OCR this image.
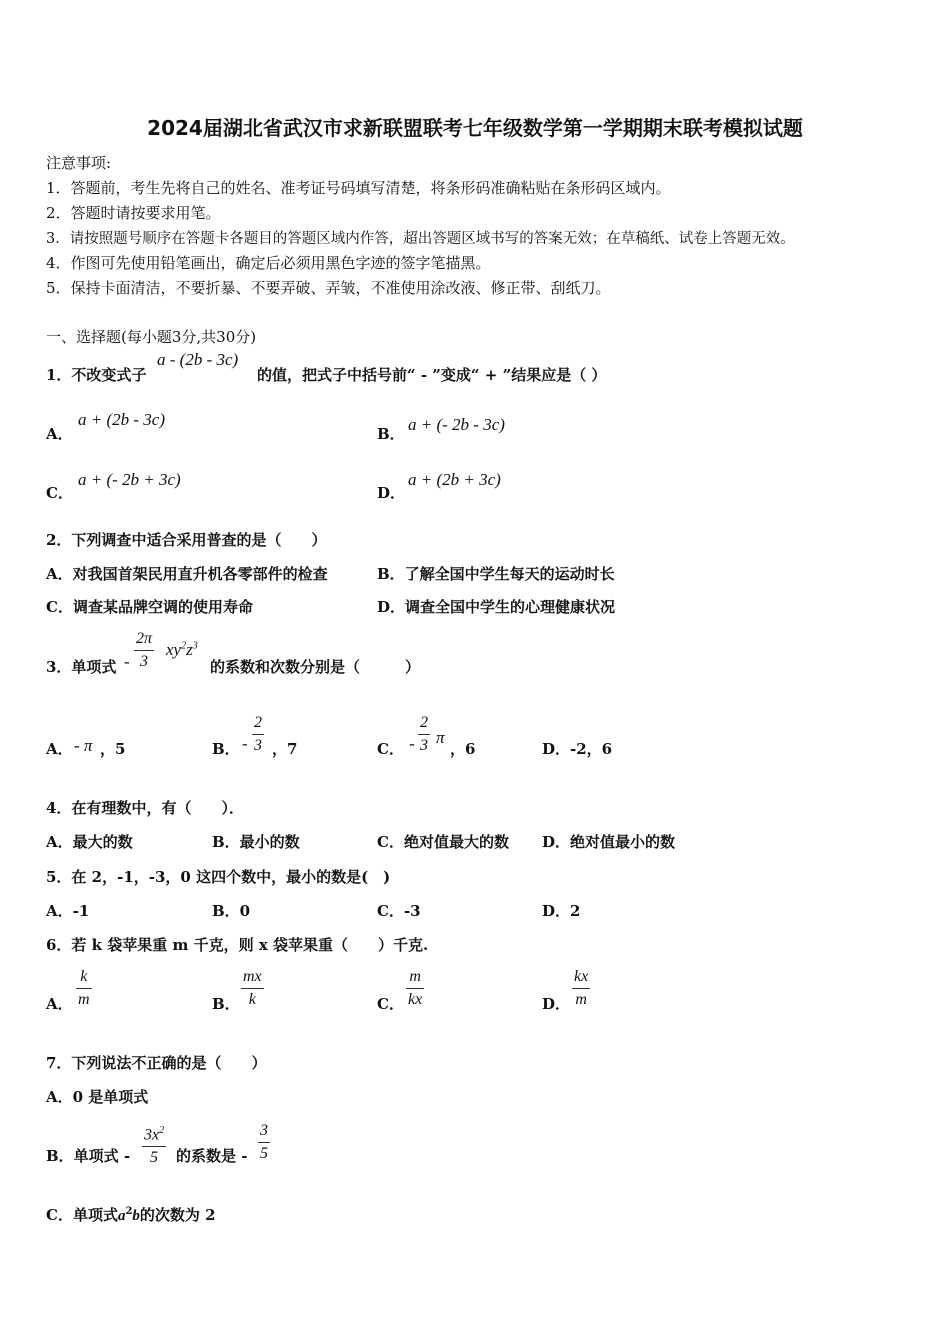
2024届湖北省武汉市求新联盟联考七年级数学第一学期期末联考模拟试题
注意事项:
1．答题前，考生先将自己的姓名、准考证号码填写清楚，将条形码准确粘贴在条形码区域内。
2．答题时请按要求用笔。
3．请按照题号顺序在答题卡各题目的答题区域内作答，超出答题区域书写的答案无效；在草稿纸、试卷上答题无效。
4．作图可先使用铅笔画出，确定后必须用黑色字迹的签字笔描黑。
5．保持卡面清洁，不要折暴、不要弄破、弄皱，不准使用涂改液、修正带、刮纸刀。
一、选择题(每小题3分,共30分)
1．不改变式子
a - (2b - 3c)
的值，把式子中括号前“ - ”变成“ + ”结果应是（ ）
A．
a + (2b - 3c)
B． a + (- 2b - 3c)
C．
a + (- 2b + 3c)
D．
a + (2b + 3c)
2．下列调查中适合采用普查的是（　　）
A．对我国首架民用直升机各零部件的检查	B．了解全国中学生每天的运动时长
C．调查某品牌空调的使用寿命	D．调查全国中学生的心理健康状况
3．单项式 - $\frac{2\pi}{3} xy^2z^3$
的系数和次数分别是（　　　）
A． - π ，5	B． - $\frac{2}{3}$ ，7	C． - $\frac{2}{3}$ π
，6	D．-2，6
4．在有理数中，有（　　）．
A．最大的数	B．最小的数	C．绝对值最大的数 D．绝对值最小的数
5．在 2，-1，-3，0 这四个数中，最小的数是(　)
A．-1	B．0	C．-3	D．2
6．若 k 袋苹果重 m 千克，则 x 袋苹果重（　　）千克.
A． $\frac{k}{m}$	B． $\frac{mx}{k}$	C． $\frac{m}{kx}$	D． $\frac{kx}{m}$
7．下列说法不正确的是（　　）
A．0 是单项式
B．单项式 - $\frac{3x^2}{5}$ 的系数是 - $\frac{3}{5}$
C．单项式$a^2b$的次数为 2
